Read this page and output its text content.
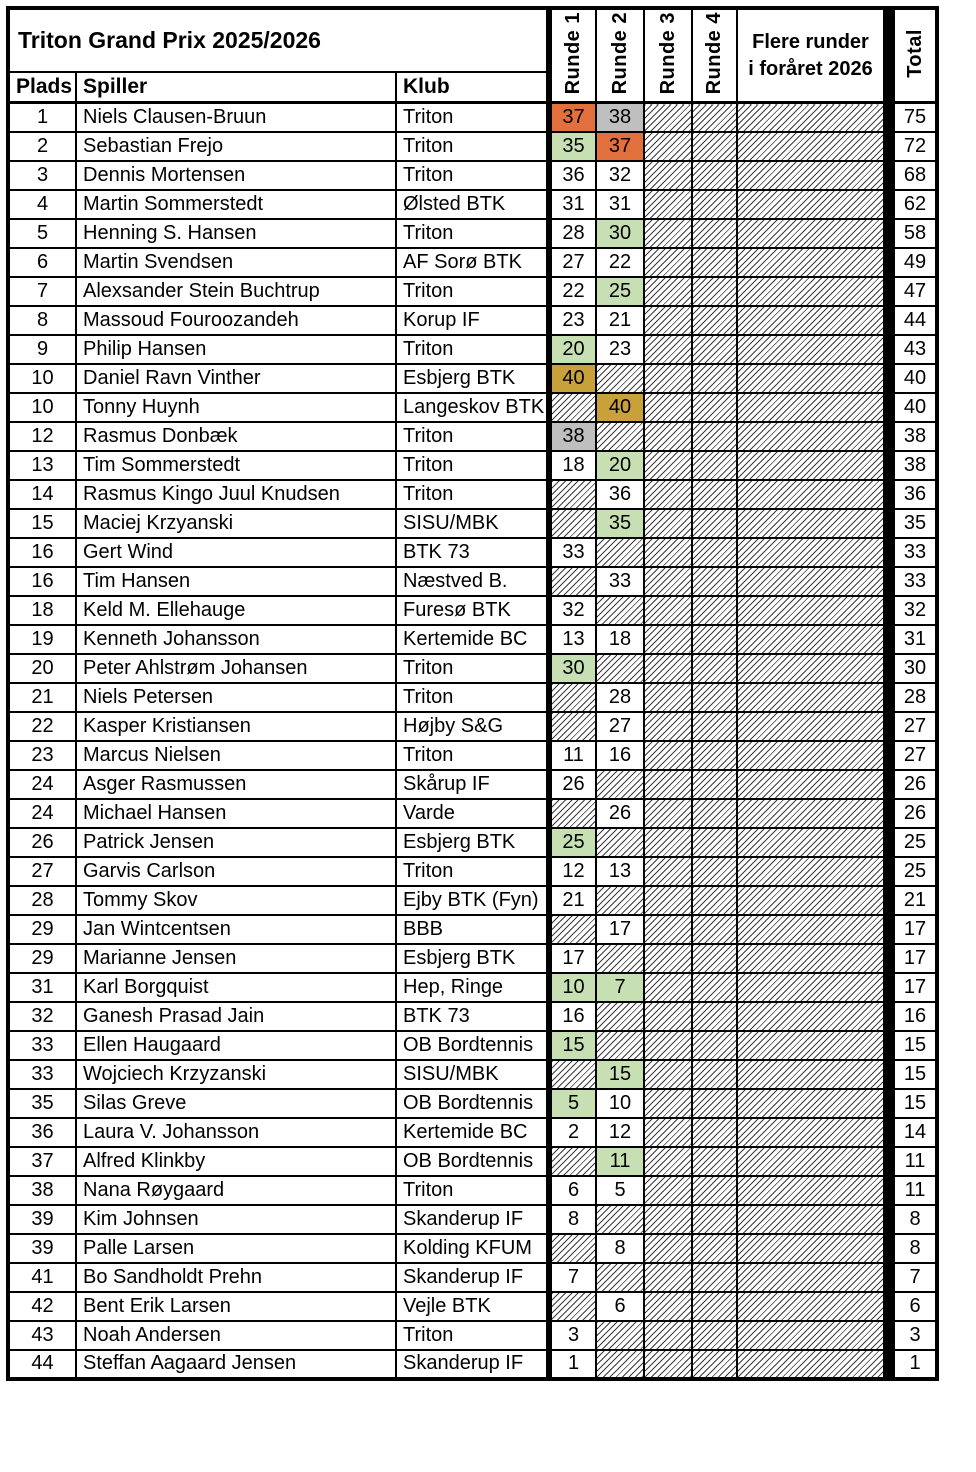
Triton Grand Prix 2025/2026			Runde 1	Runde 2	Runde 3	Runde 4	Flere runder i foråret 2026	Total
Plads	Spiller	Klub						
1	Niels Clausen-Bruun	Triton	37	38				75
2	Sebastian Frejo	Triton	35	37				72
3	Dennis Mortensen	Triton	36	32				68
4	Martin Sommerstedt	Ølsted BTK	31	31				62
5	Henning S. Hansen	Triton	28	30				58
6	Martin Svendsen	AF Sorø BTK	27	22				49
7	Alexsander Stein Buchtrup	Triton	22	25				47
8	Massoud Fouroozandeh	Korup IF	23	21				44
9	Philip Hansen	Triton	20	23				43
10	Daniel Ravn Vinther	Esbjerg BTK	40					40
10	Tonny Huynh	Langeskov BTK		40				40
12	Rasmus Donbæk	Triton	38					38
13	Tim Sommerstedt	Triton	18	20				38
14	Rasmus Kingo Juul Knudsen	Triton		36				36
15	Maciej Krzyanski	SISU/MBK		35				35
16	Gert Wind	BTK 73	33					33
16	Tim Hansen	Næstved B.		33				33
18	Keld M. Ellehauge	Furesø BTK	32					32
19	Kenneth Johansson	Kertemide BC	13	18				31
20	Peter Ahlstrøm Johansen	Triton	30					30
21	Niels Petersen	Triton		28				28
22	Kasper Kristiansen	Højby S&G		27				27
23	Marcus Nielsen	Triton	11	16				27
24	Asger Rasmussen	Skårup IF	26					26
24	Michael Hansen	Varde		26				26
26	Patrick Jensen	Esbjerg BTK	25					25
27	Garvis Carlson	Triton	12	13				25
28	Tommy Skov	Ejby BTK (Fyn)	21					21
29	Jan Wintcentsen	BBB		17				17
29	Marianne Jensen	Esbjerg BTK	17					17
31	Karl Borgquist	Hep, Ringe	10	7				17
32	Ganesh Prasad Jain	BTK 73	16					16
33	Ellen Haugaard	OB Bordtennis	15					15
33	Wojciech Krzyzanski	SISU/MBK		15				15
35	Silas Greve	OB Bordtennis	5	10				15
36	Laura V. Johansson	Kertemide BC	2	12				14
37	Alfred Klinkby	OB Bordtennis		11				11
38	Nana Røygaard	Triton	6	5				11
39	Kim Johnsen	Skanderup IF	8					8
39	Palle Larsen	Kolding KFUM		8				8
41	Bo Sandholdt Prehn	Skanderup IF	7					7
42	Bent Erik Larsen	Vejle BTK		6				6
43	Noah Andersen	Triton	3					3
44	Steffan Aagaard Jensen	Skanderup IF	1					1
